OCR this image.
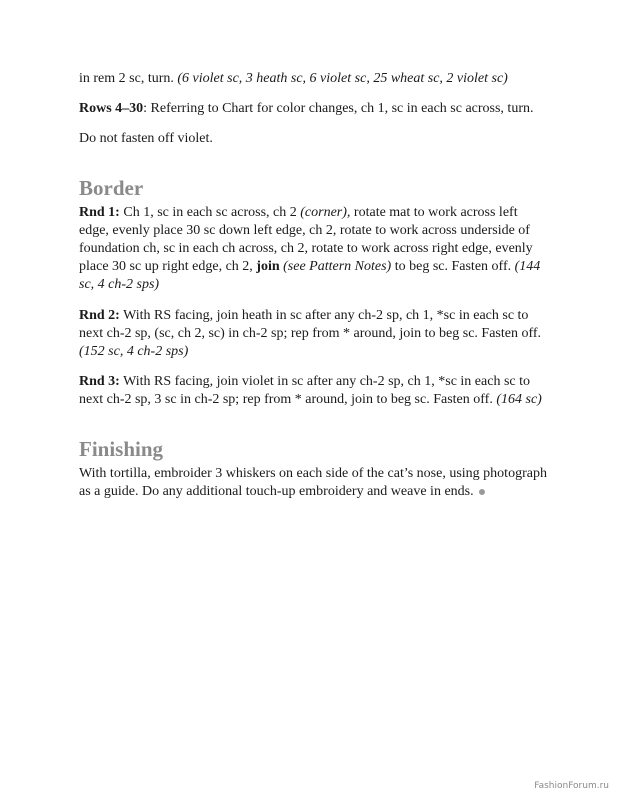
in rem 2 sc, turn. (6 violet sc, 3 heath sc, 6 violet sc, 25 wheat sc, 2 violet sc)

Rows 4–30: Referring to Chart for color changes, ch 1, sc in each sc across, turn.

Do not fasten off violet.

Border

Rnd 1: Ch 1, sc in each sc across, ch 2 (corner), rotate mat to work across left edge, evenly place 30 sc down left edge, ch 2, rotate to work across underside of foundation ch, sc in each ch across, ch 2, rotate to work across right edge, evenly place 30 sc up right edge, ch 2, join (see Pattern Notes) to beg sc. Fasten off. (144 sc, 4 ch-2 sps)

Rnd 2: With RS facing, join heath in sc after any ch-2 sp, ch 1, *sc in each sc to next ch-2 sp, (sc, ch 2, sc) in ch-2 sp; rep from * around, join to beg sc. Fasten off. (152 sc, 4 ch-2 sps)

Rnd 3: With RS facing, join violet in sc after any ch-2 sp, ch 1, *sc in each sc to next ch-2 sp, 3 sc in ch-2 sp; rep from * around, join to beg sc. Fasten off. (164 sc)

Finishing

With tortilla, embroider 3 whiskers on each side of the cat’s nose, using photograph as a guide. Do any additional touch-up embroidery and weave in ends.

FashionForum.ru
